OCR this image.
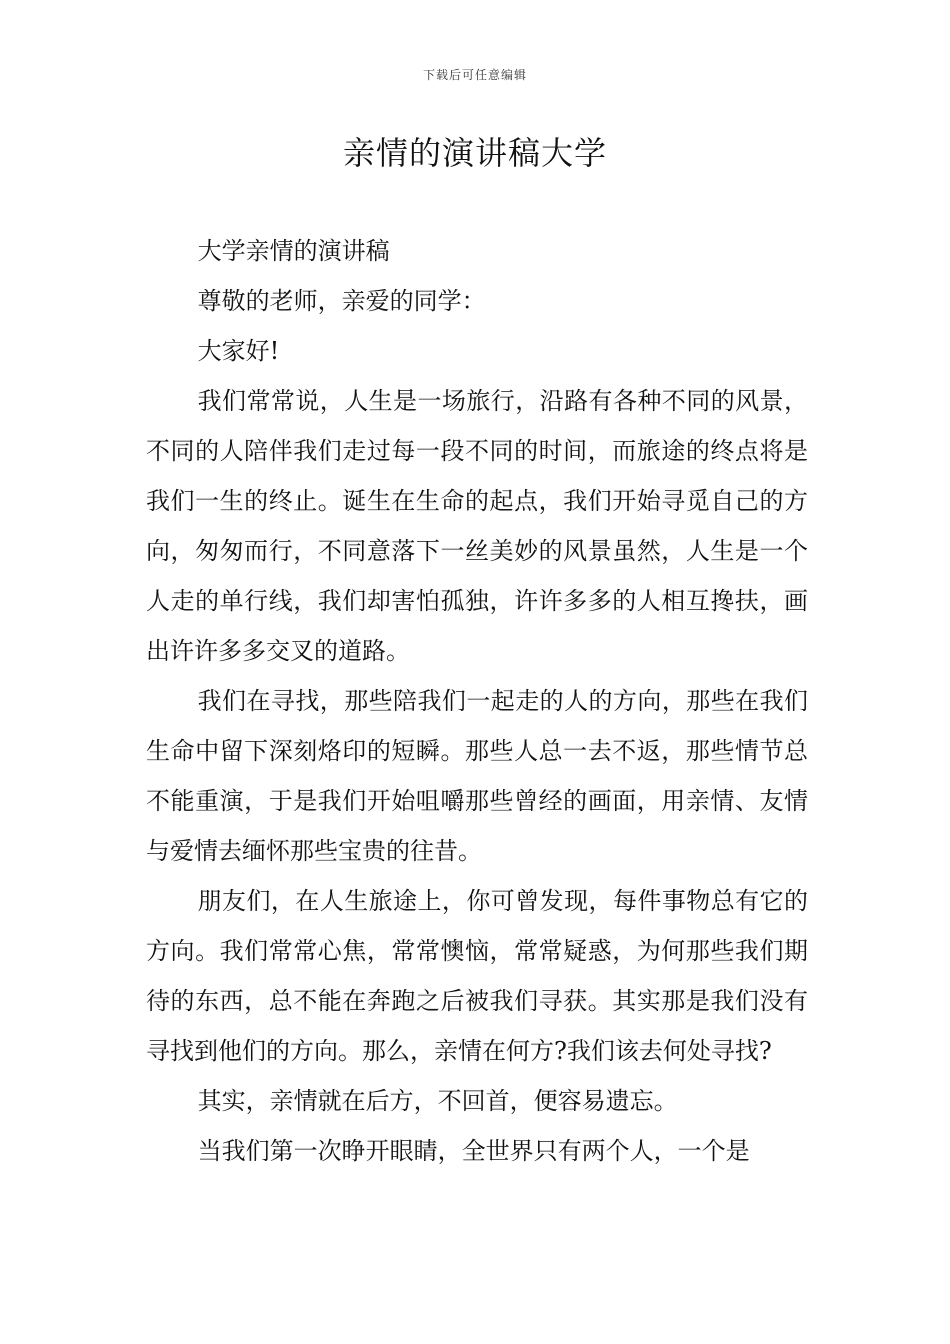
下载后可任意编辑
亲情的演讲稿大学

大学亲情的演讲稿

尊敬的老师，亲爱的同学：

大家好!

我们常常说，人生是一场旅行，沿路有各种不同的风景，不同的人陪伴我们走过每一段不同的时间，而旅途的终点将是我们一生的终止。诞生在生命的起点，我们开始寻觅自己的方向，匆匆而行，不同意落下一丝美妙的风景虽然，人生是一个人走的单行线，我们却害怕孤独，许许多多的人相互搀扶，画出许许多多交叉的道路。

我们在寻找，那些陪我们一起走的人的方向，那些在我们生命中留下深刻烙印的短瞬。那些人总一去不返，那些情节总不能重演，于是我们开始咀嚼那些曾经的画面，用亲情、友情与爱情去缅怀那些宝贵的往昔。

朋友们，在人生旅途上，你可曾发现，每件事物总有它的方向。我们常常心焦，常常懊恼，常常疑惑，为何那些我们期待的东西，总不能在奔跑之后被我们寻获。其实那是我们没有寻找到他们的方向。那么，亲情在何方?我们该去何处寻找?

其实，亲情就在后方，不回首，便容易遗忘。

当我们第一次睁开眼睛，全世界只有两个人，一个是
